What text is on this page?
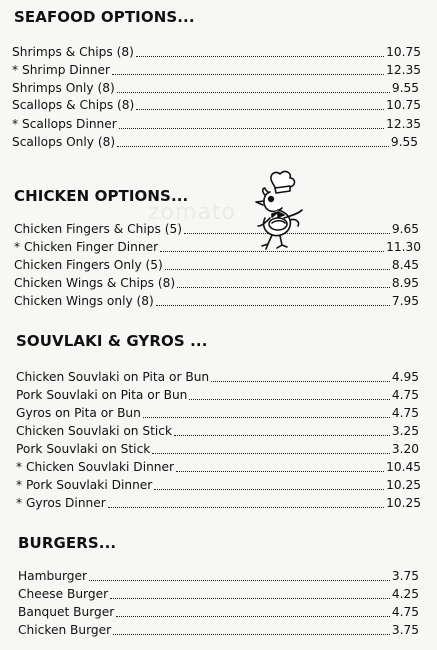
SEAFOOD OPTIONS...
Shrimps & Chips (8)	10.75
* Shrimp Dinner	12.35
Shrimps Only (8)	9.55
Scallops & Chips (8)	10.75
* Scallops Dinner	12.35
Scallops Only (8)	9.55
CHICKEN OPTIONS...
Chicken Fingers & Chips (5)	9.65
* Chicken Finger Dinner	11.30
Chicken Fingers Only (5)	8.45
Chicken Wings & Chips (8)	8.95
Chicken Wings only (8)	7.95
SOUVLAKI & GYROS ...
Chicken Souvlaki on Pita or Bun	4.95
Pork Souvlaki on Pita or Bun	4.75
Gyros on Pita or Bun	4.75
Chicken Souvlaki on Stick	3.25
Pork Souvlaki on Stick	3.20
* Chicken Souvlaki Dinner	10.45
* Pork Souvlaki Dinner	10.25
* Gyros Dinner	10.25
BURGERS...
Hamburger	3.75
Cheese Burger	4.25
Banquet Burger	4.75
Chicken Burger	3.75
zomato
